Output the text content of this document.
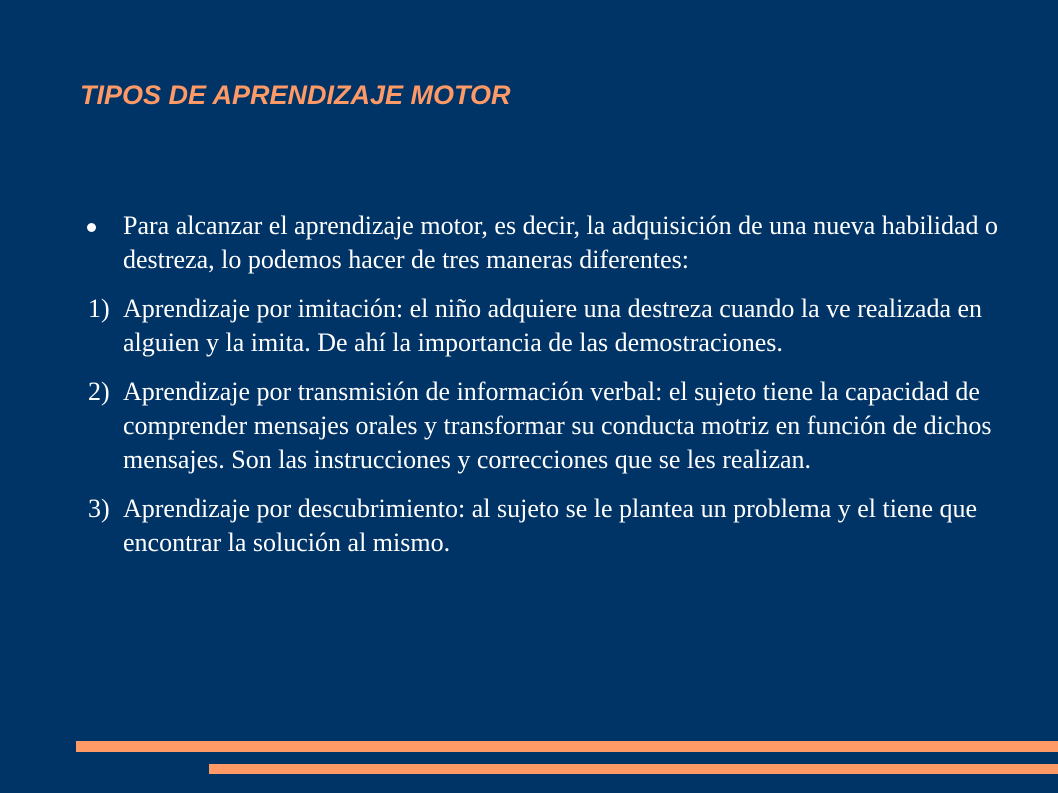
TIPOS DE APRENDIZAJE MOTOR

Para alcanzar el aprendizaje motor, es decir, la adquisición de una nueva habilidad o destreza, lo podemos hacer de tres maneras diferentes:

1) Aprendizaje por imitación: el niño adquiere una destreza cuando la ve realizada en alguien y la imita. De ahí la importancia de las demostraciones.

2) Aprendizaje por transmisión de información verbal: el sujeto tiene la capacidad de comprender mensajes orales y transformar su conducta motriz en función de dichos mensajes. Son las instrucciones y correcciones que se les realizan.

3) Aprendizaje por descubrimiento: al sujeto se le plantea un problema y el tiene que encontrar la solución al mismo.
